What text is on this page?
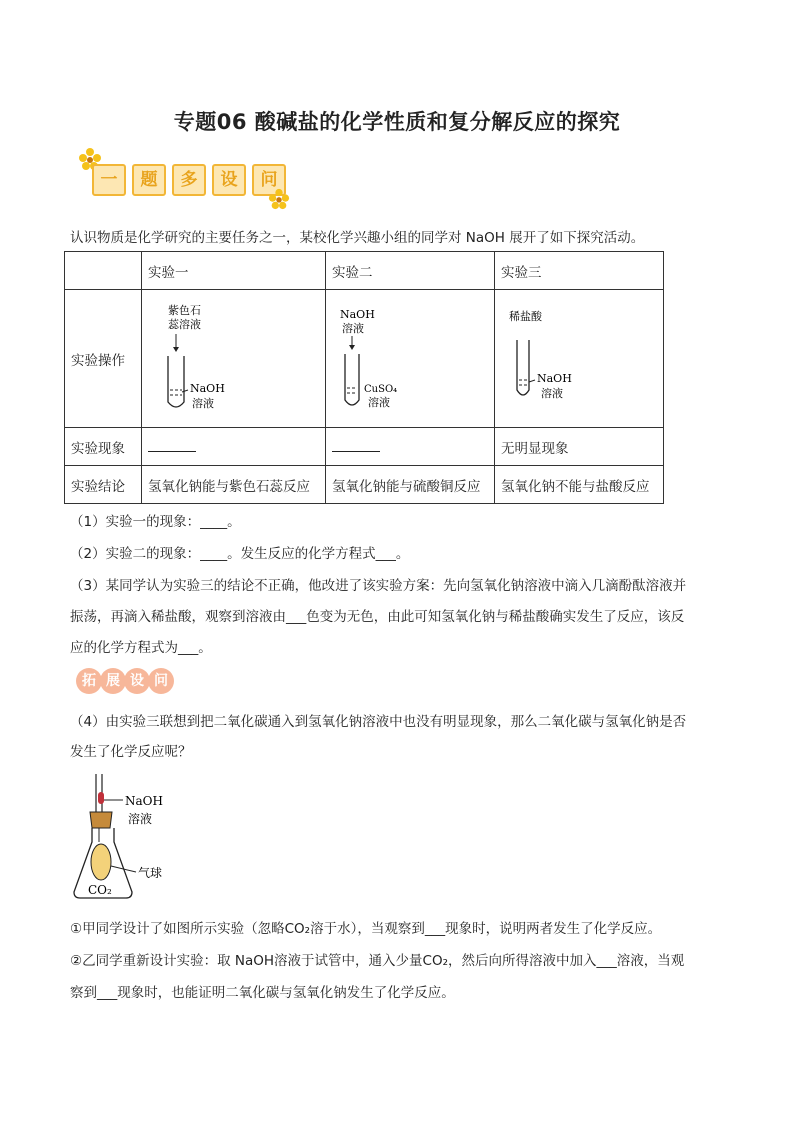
专题06 酸碱盐的化学性质和复分解反应的探究
一 题 多 设 问

认识物质是化学研究的主要任务之一，某校化学兴趣小组的同学对 NaOH 展开了如下探究活动。

	实验一	实验二	实验三
实验操作	紫色石
蕊溶液
NaOH
溶液	NaOH
溶液
CuSO₄
溶液	稀盐酸
NaOH
溶液

实验现象			无明显现象
实验结论	氢氧化钠能与紫色石蕊反应	氢氧化钠能与硫酸铜反应	氢氧化钠不能与盐酸反应

（1）实验一的现象：____。

（2）实验二的现象：____。发生反应的化学方程式___。

（3）某同学认为实验三的结论不正确，他改进了该实验方案：先向氢氧化钠溶液中滴入几滴酚酞溶液并

振荡，再滴入稀盐酸，观察到溶液由___色变为无色，由此可知氢氧化钠与稀盐酸确实发生了反应，该反

应的化学方程式为___。

拓 展 设 问

（4）由实验三联想到把二氧化碳通入到氢氧化钠溶液中也没有明显现象，那么二氧化碳与氢氧化钠是否

发生了化学反应呢？

NaOH
溶液
气球
CO₂

①甲同学设计了如图所示实验（忽略CO₂溶于水），当观察到___现象时，说明两者发生了化学反应。

②乙同学重新设计实验：取 NaOH溶液于试管中，通入少量CO₂，然后向所得溶液中加入___溶液，当观

察到___现象时，也能证明二氧化碳与氢氧化钠发生了化学反应。
